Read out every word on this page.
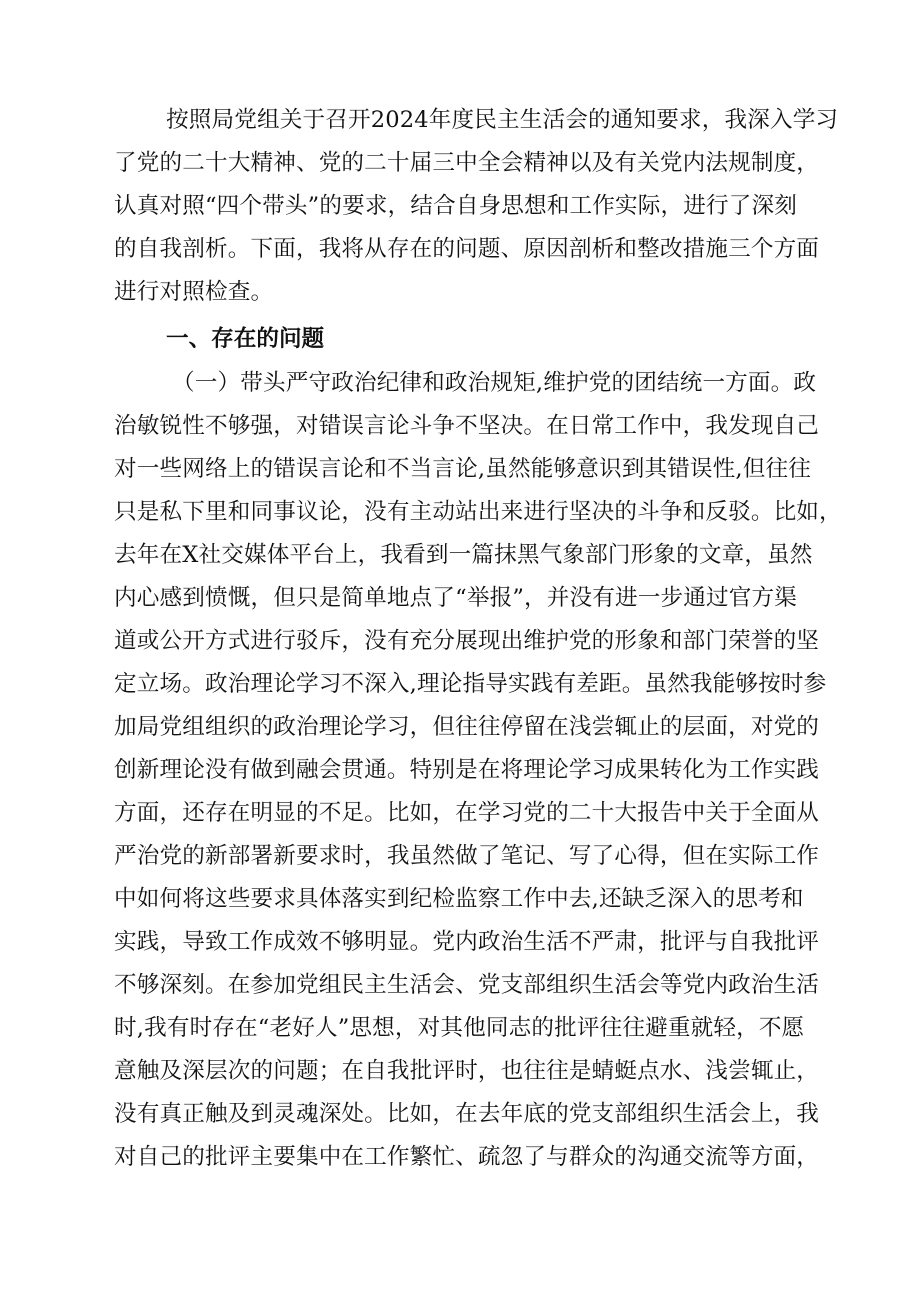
按照局党组关于召开2024年度民主生活会的通知要求，我深入学习
了党的二十大精神、党的二十届三中全会精神以及有关党内法规制度，
认真对照“四个带头”的要求，结合自身思想和工作实际，进行了深刻
的自我剖析。下面，我将从存在的问题、原因剖析和整改措施三个方面
进行对照检查。
一、存在的问题
（一）带头严守政治纪律和政治规矩,维护党的团结统一方面。政
治敏锐性不够强，对错误言论斗争不坚决。在日常工作中，我发现自己
对一些网络上的错误言论和不当言论,虽然能够意识到其错误性,但往往
只是私下里和同事议论，没有主动站出来进行坚决的斗争和反驳。比如，
去年在X社交媒体平台上，我看到一篇抹黑气象部门形象的文章，虽然
内心感到愤慨，但只是简单地点了“举报”，并没有进一步通过官方渠
道或公开方式进行驳斥，没有充分展现出维护党的形象和部门荣誉的坚
定立场。政治理论学习不深入,理论指导实践有差距。虽然我能够按时参
加局党组组织的政治理论学习，但往往停留在浅尝辄止的层面，对党的
创新理论没有做到融会贯通。特别是在将理论学习成果转化为工作实践
方面，还存在明显的不足。比如，在学习党的二十大报告中关于全面从
严治党的新部署新要求时，我虽然做了笔记、写了心得，但在实际工作
中如何将这些要求具体落实到纪检监察工作中去,还缺乏深入的思考和
实践，导致工作成效不够明显。党内政治生活不严肃，批评与自我批评
不够深刻。在参加党组民主生活会、党支部组织生活会等党内政治生活
时,我有时存在“老好人”思想，对其他同志的批评往往避重就轻，不愿
意触及深层次的问题；在自我批评时，也往往是蜻蜓点水、浅尝辄止，
没有真正触及到灵魂深处。比如，在去年底的党支部组织生活会上，我
对自己的批评主要集中在工作繁忙、疏忽了与群众的沟通交流等方面，
